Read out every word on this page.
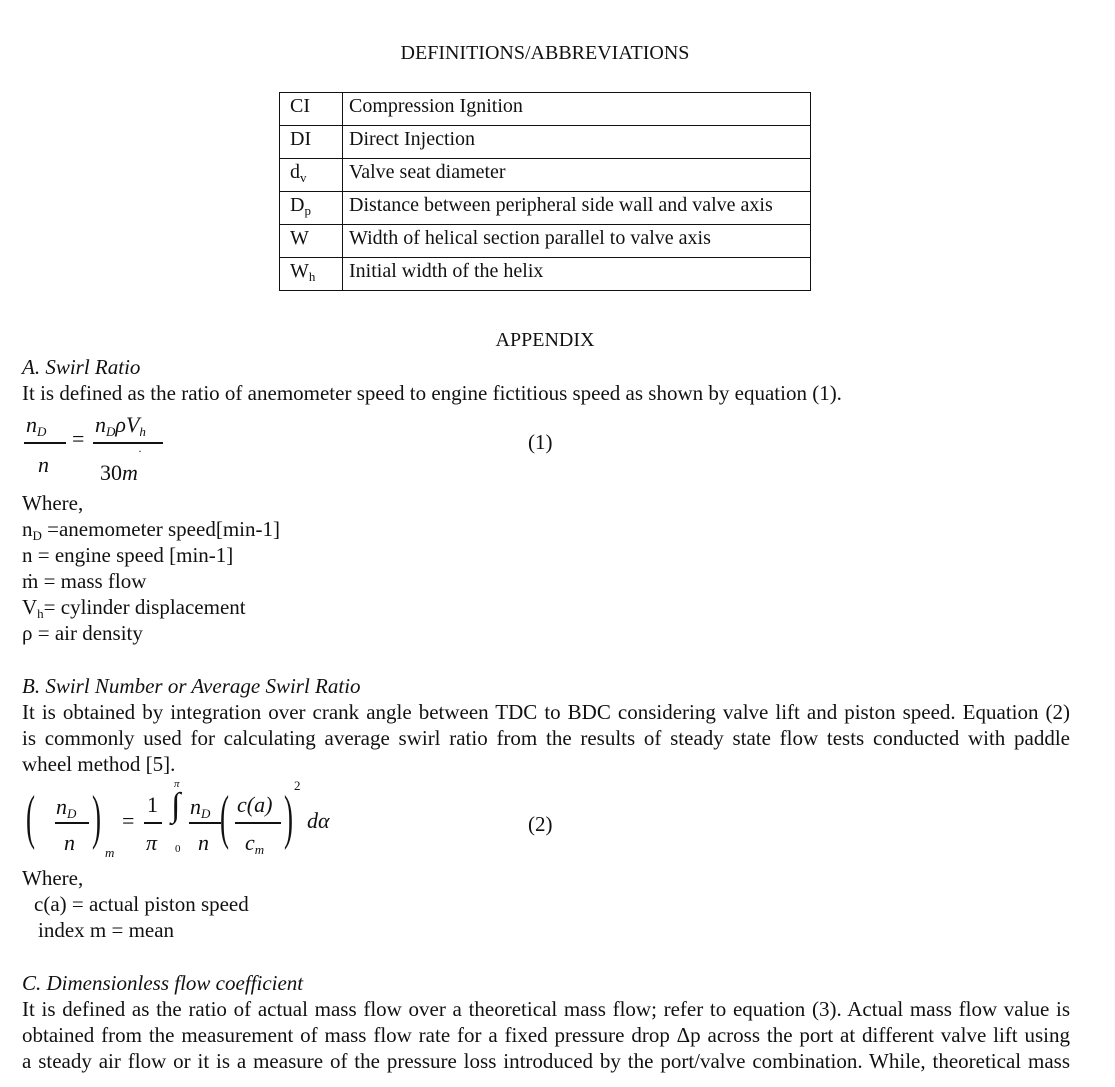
DEFINITIONS/ABBREVIATIONS
CI	Compression Ignition
DI	Direct Injection
$d_v$	Valve seat diameter
$D_p$	Distance between peripheral side wall and valve axis
W	Width of helical section parallel to valve axis
$W_h$	Initial width of the helix
APPENDIX
A. Swirl Ratio
It is defined as the ratio of anemometer speed to engine fictitious speed as shown by equation (1).
$n_D$
n
=
$n_D\rho V_h$
·
30m
(1)
Where,
$n_D$ =anemometer speed[min-1]
n = engine speed [min-1]
ṁ = mass flow
$V_h=$ cylinder displacement
ρ = air density
B. Swirl Number or Average Swirl Ratio
It is obtained by integration over crank angle between TDC to BDC considering valve lift and piston speed. Equation (2)
is commonly used for calculating average swirl ratio from the results of steady state flow tests conducted with paddle
wheel method [5].
( $n_D$
n )
m
=
1
π
π
∫
0
$n_D$
n ( c(a)
$c_m$ ) 2
dα	(2)
Where,
c(a) = actual piston speed
index m = mean
C. Dimensionless flow coefficient
It is defined as the ratio of actual mass flow over a theoretical mass flow; refer to equation (3). Actual mass flow value is
obtained from the measurement of mass flow rate for a fixed pressure drop Δp across the port at different valve lift using
a steady air flow or it is a measure of the pressure loss introduced by the port/valve combination. While, theoretical mass
